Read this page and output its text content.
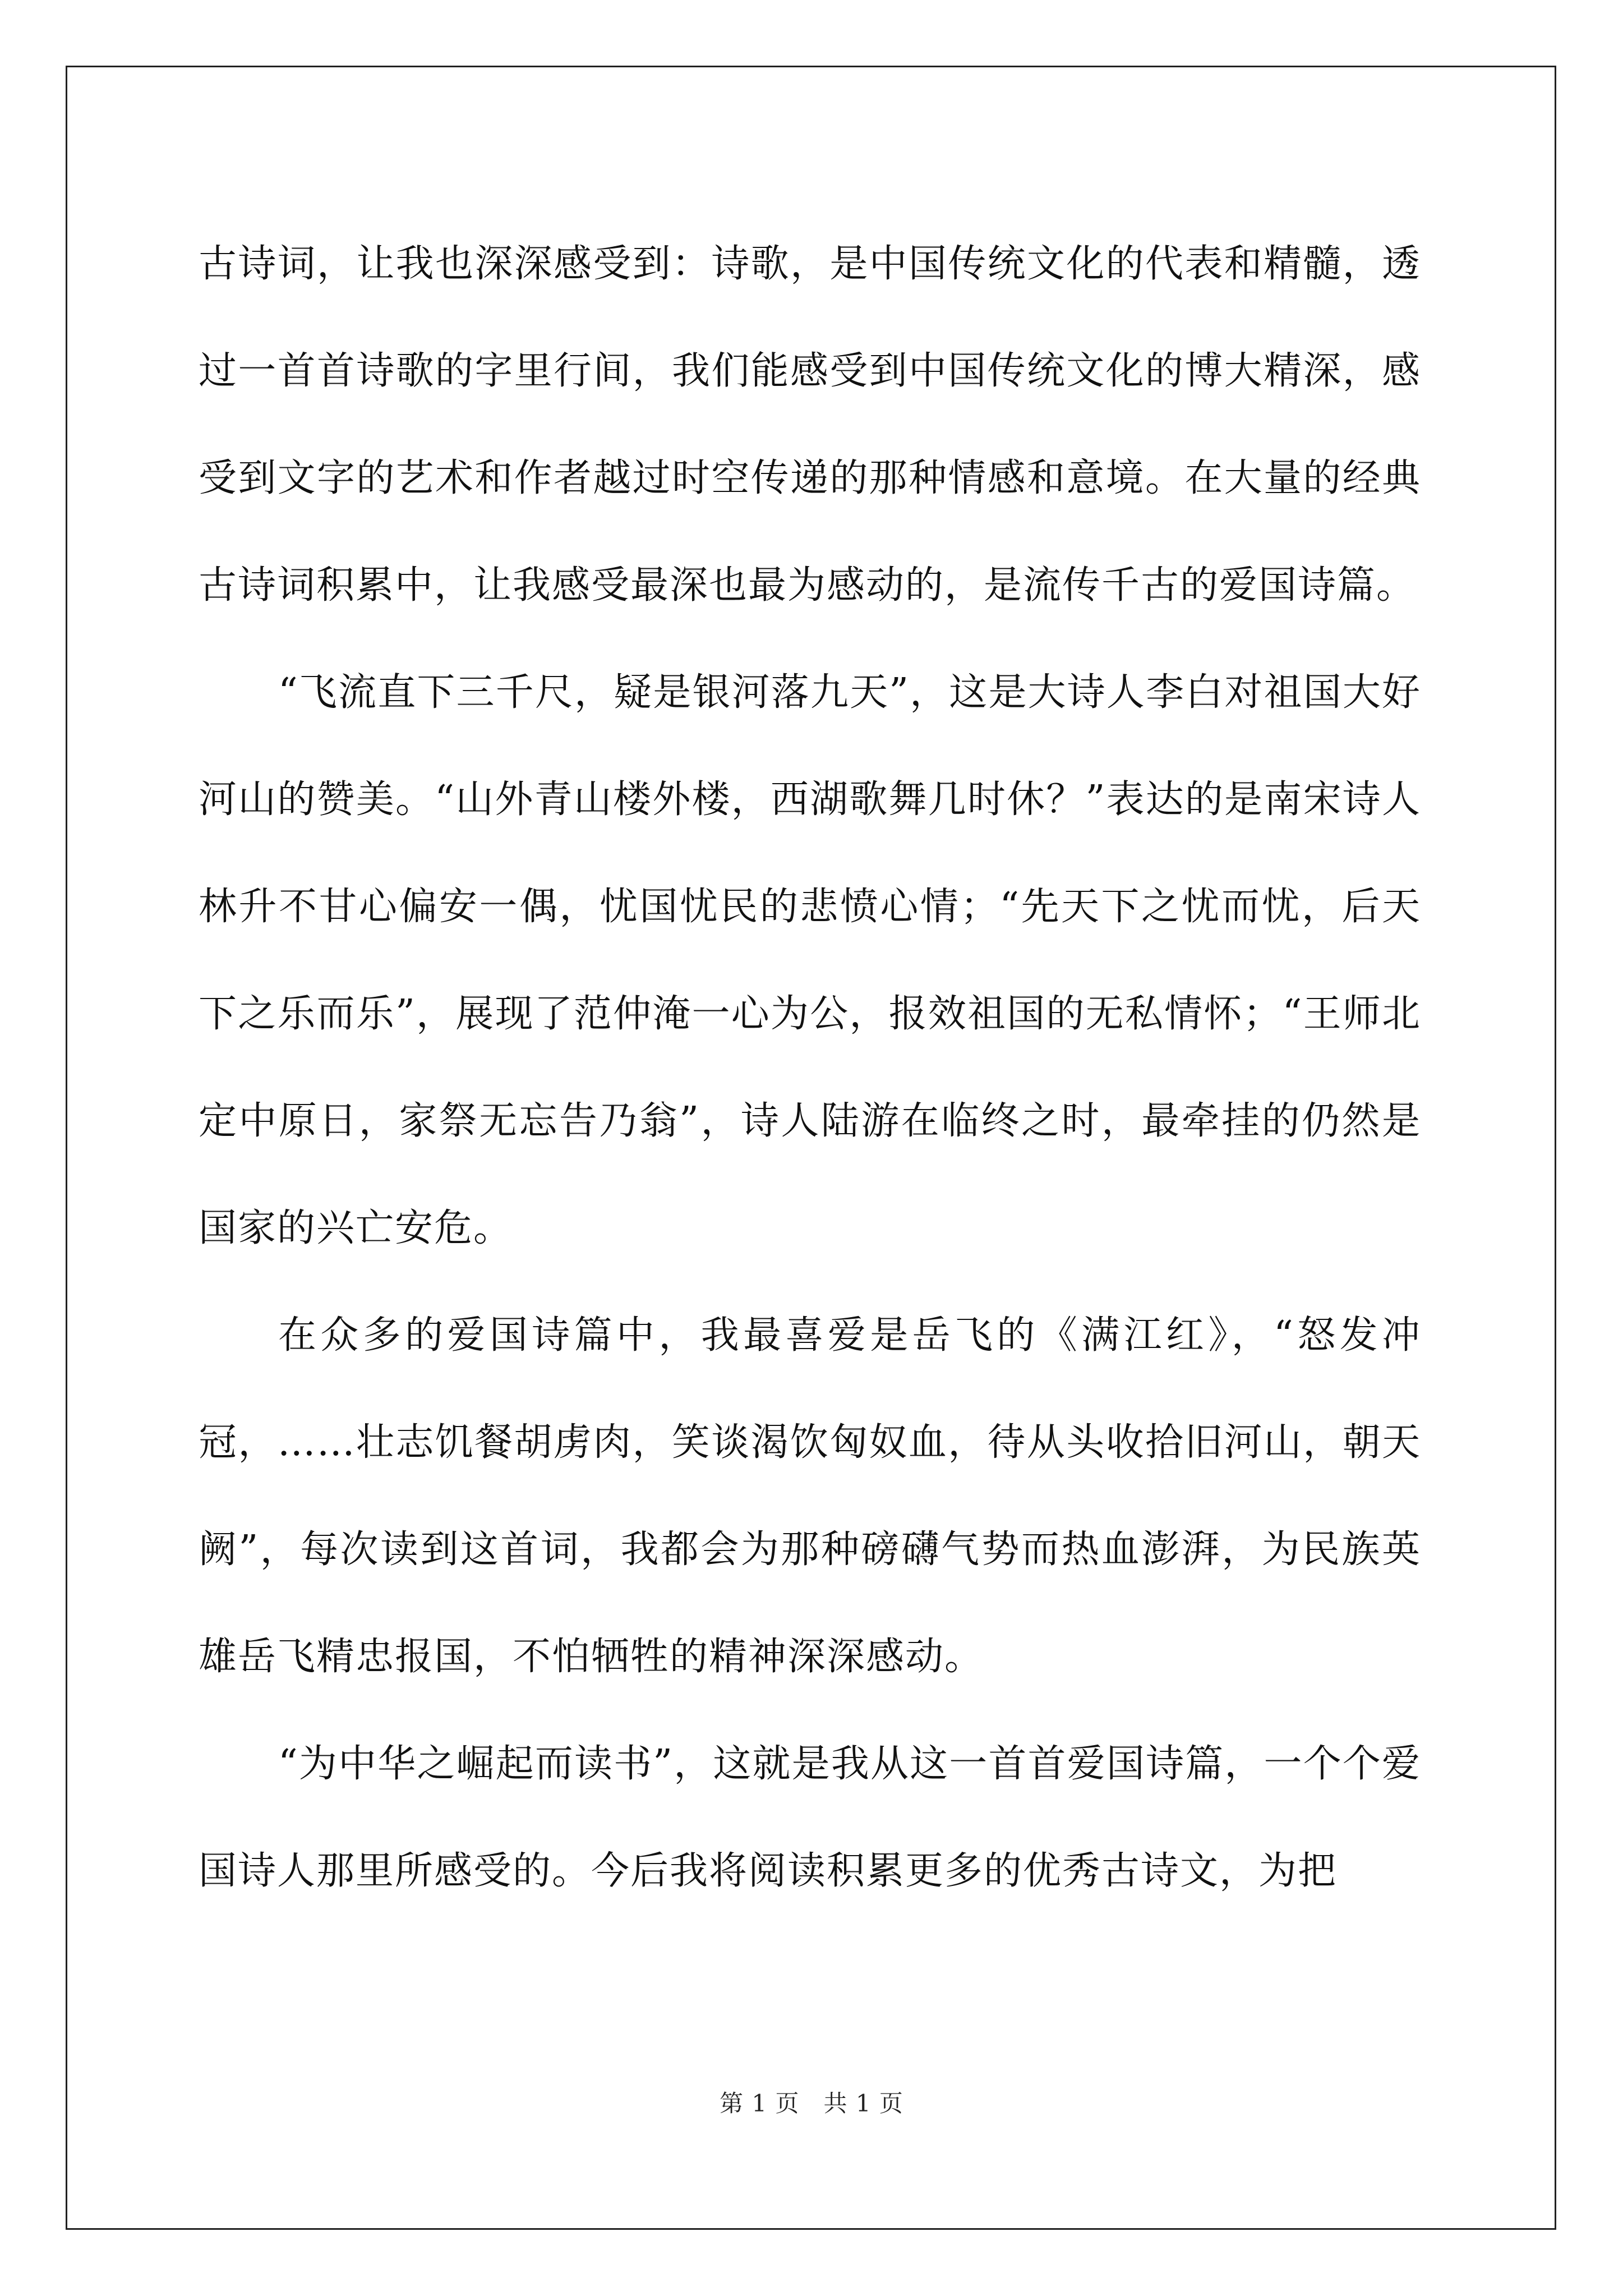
古诗词，让我也深深感受到：诗歌，是中国传统文化的代表和精髓，透过一首首诗歌的字里行间，我们能感受到中国传统文化的博大精深，感受到文字的艺术和作者越过时空传递的那种情感和意境。在大量的经典古诗词积累中，让我感受最深也最为感动的，是流传千古的爱国诗篇。

“飞流直下三千尺，疑是银河落九天”，这是大诗人李白对祖国大好河山的赞美。“山外青山楼外楼，西湖歌舞几时休？”表达的是南宋诗人林升不甘心偏安一偶，忧国忧民的悲愤心情；“先天下之忧而忧，后天下之乐而乐”，展现了范仲淹一心为公，报效祖国的无私情怀；“王师北定中原日，家祭无忘告乃翁”，诗人陆游在临终之时，最牵挂的仍然是国家的兴亡安危。

在众多的爱国诗篇中，我最喜爱是岳飞的《满江红》，“怒发冲冠，……壮志饥餐胡虏肉，笑谈渴饮匈奴血，待从头收拾旧河山，朝天阙”，每次读到这首词，我都会为那种磅礴气势而热血澎湃，为民族英雄岳飞精忠报国，不怕牺牲的精神深深感动。

“为中华之崛起而读书”，这就是我从这一首首爱国诗篇，一个个爱国诗人那里所感受的。今后我将阅读积累更多的优秀古诗文，为把

第 1 页　共 1 页
